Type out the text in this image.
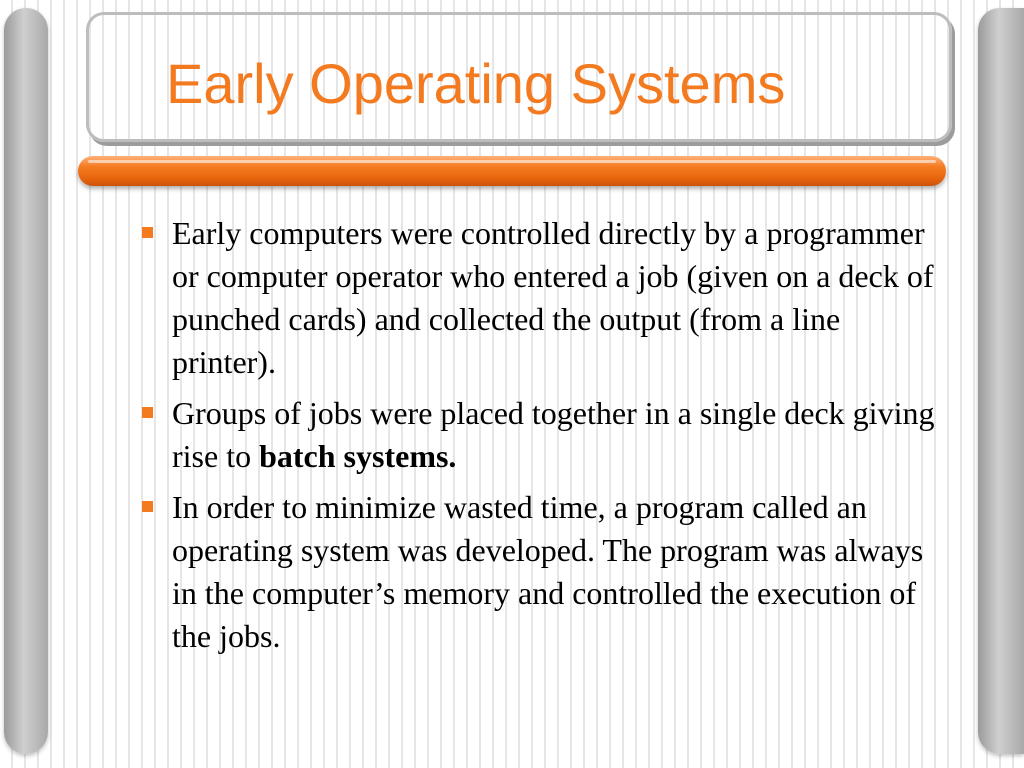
Early Operating Systems
Early computers were controlled directly by a programmer or computer operator who entered a job (given on a deck of punched cards) and collected the output (from a line printer).
Groups of jobs were placed together in a single deck giving rise to batch systems.
In order to minimize wasted time, a program called an operating system was developed. The program was always in the computer’s memory and controlled the execution of the jobs.
